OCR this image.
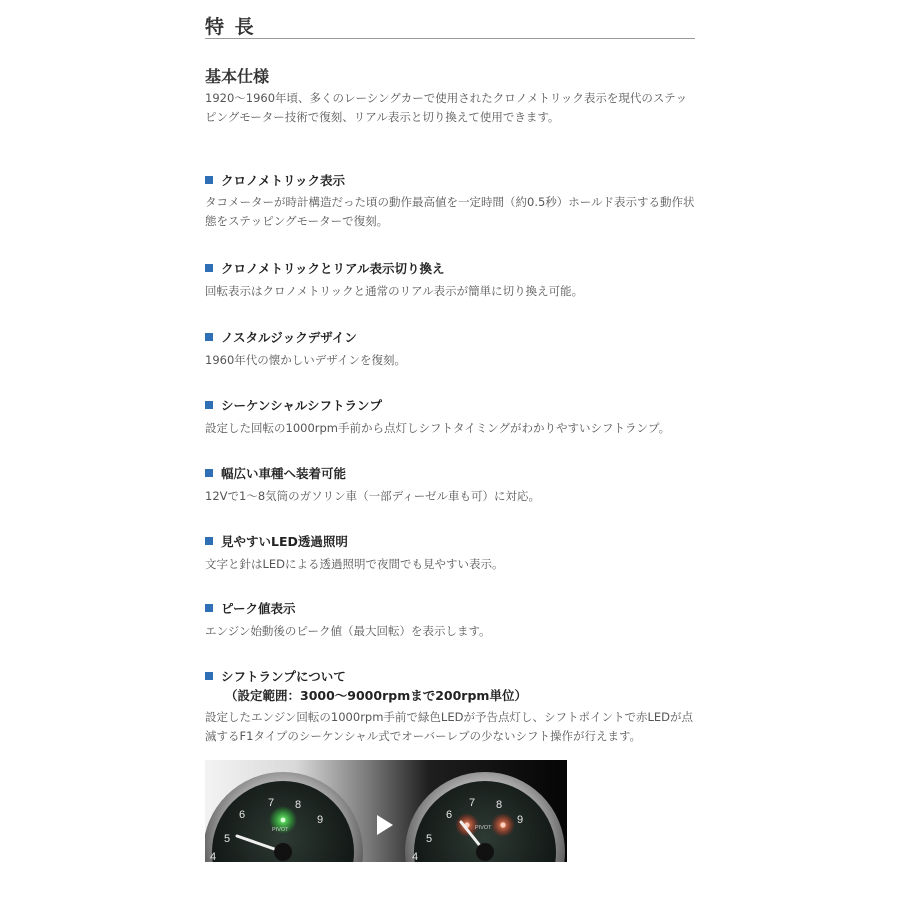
特 長
基本仕様

1920～1960年頃、多くのレーシングカーで使用されたクロノメトリック表示を現代のステッピングモーター技術で復刻、リアル表示と切り換えて使用できます。

クロノメトリック表示

タコメーターが時計構造だった頃の動作最高値を一定時間（約0.5秒）ホールド表示する動作状態をステッピングモーターで復刻。

クロノメトリックとリアル表示切り換え

回転表示はクロノメトリックと通常のリアル表示が簡単に切り換え可能。

ノスタルジックデザイン

1960年代の懐かしいデザインを復刻。

シーケンシャルシフトランプ

設定した回転の1000rpm手前から点灯しシフトタイミングがわかりやすいシフトランプ。

幅広い車種へ装着可能

12Vで1～8気筒のガソリン車（一部ディーゼル車も可）に対応。

見やすいLED透過照明

文字と針はLEDによる透過照明で夜間でも見やすい表示。

ピーク値表示

エンジン始動後のピーク値（最大回転）を表示します。

シフトランプについて
（設定範囲：3000～9000rpmまで200rpm単位）

設定したエンジン回転の1000rpm手前で緑色LEDが予告点灯し、シフトポイントで赤LEDが点滅するF1タイプのシーケンシャル式でオーバーレブの少ないシフト操作が行えます。

4
5
6
7 8
9
PIVOT
4
5
6
7 8
9
PIVOT
